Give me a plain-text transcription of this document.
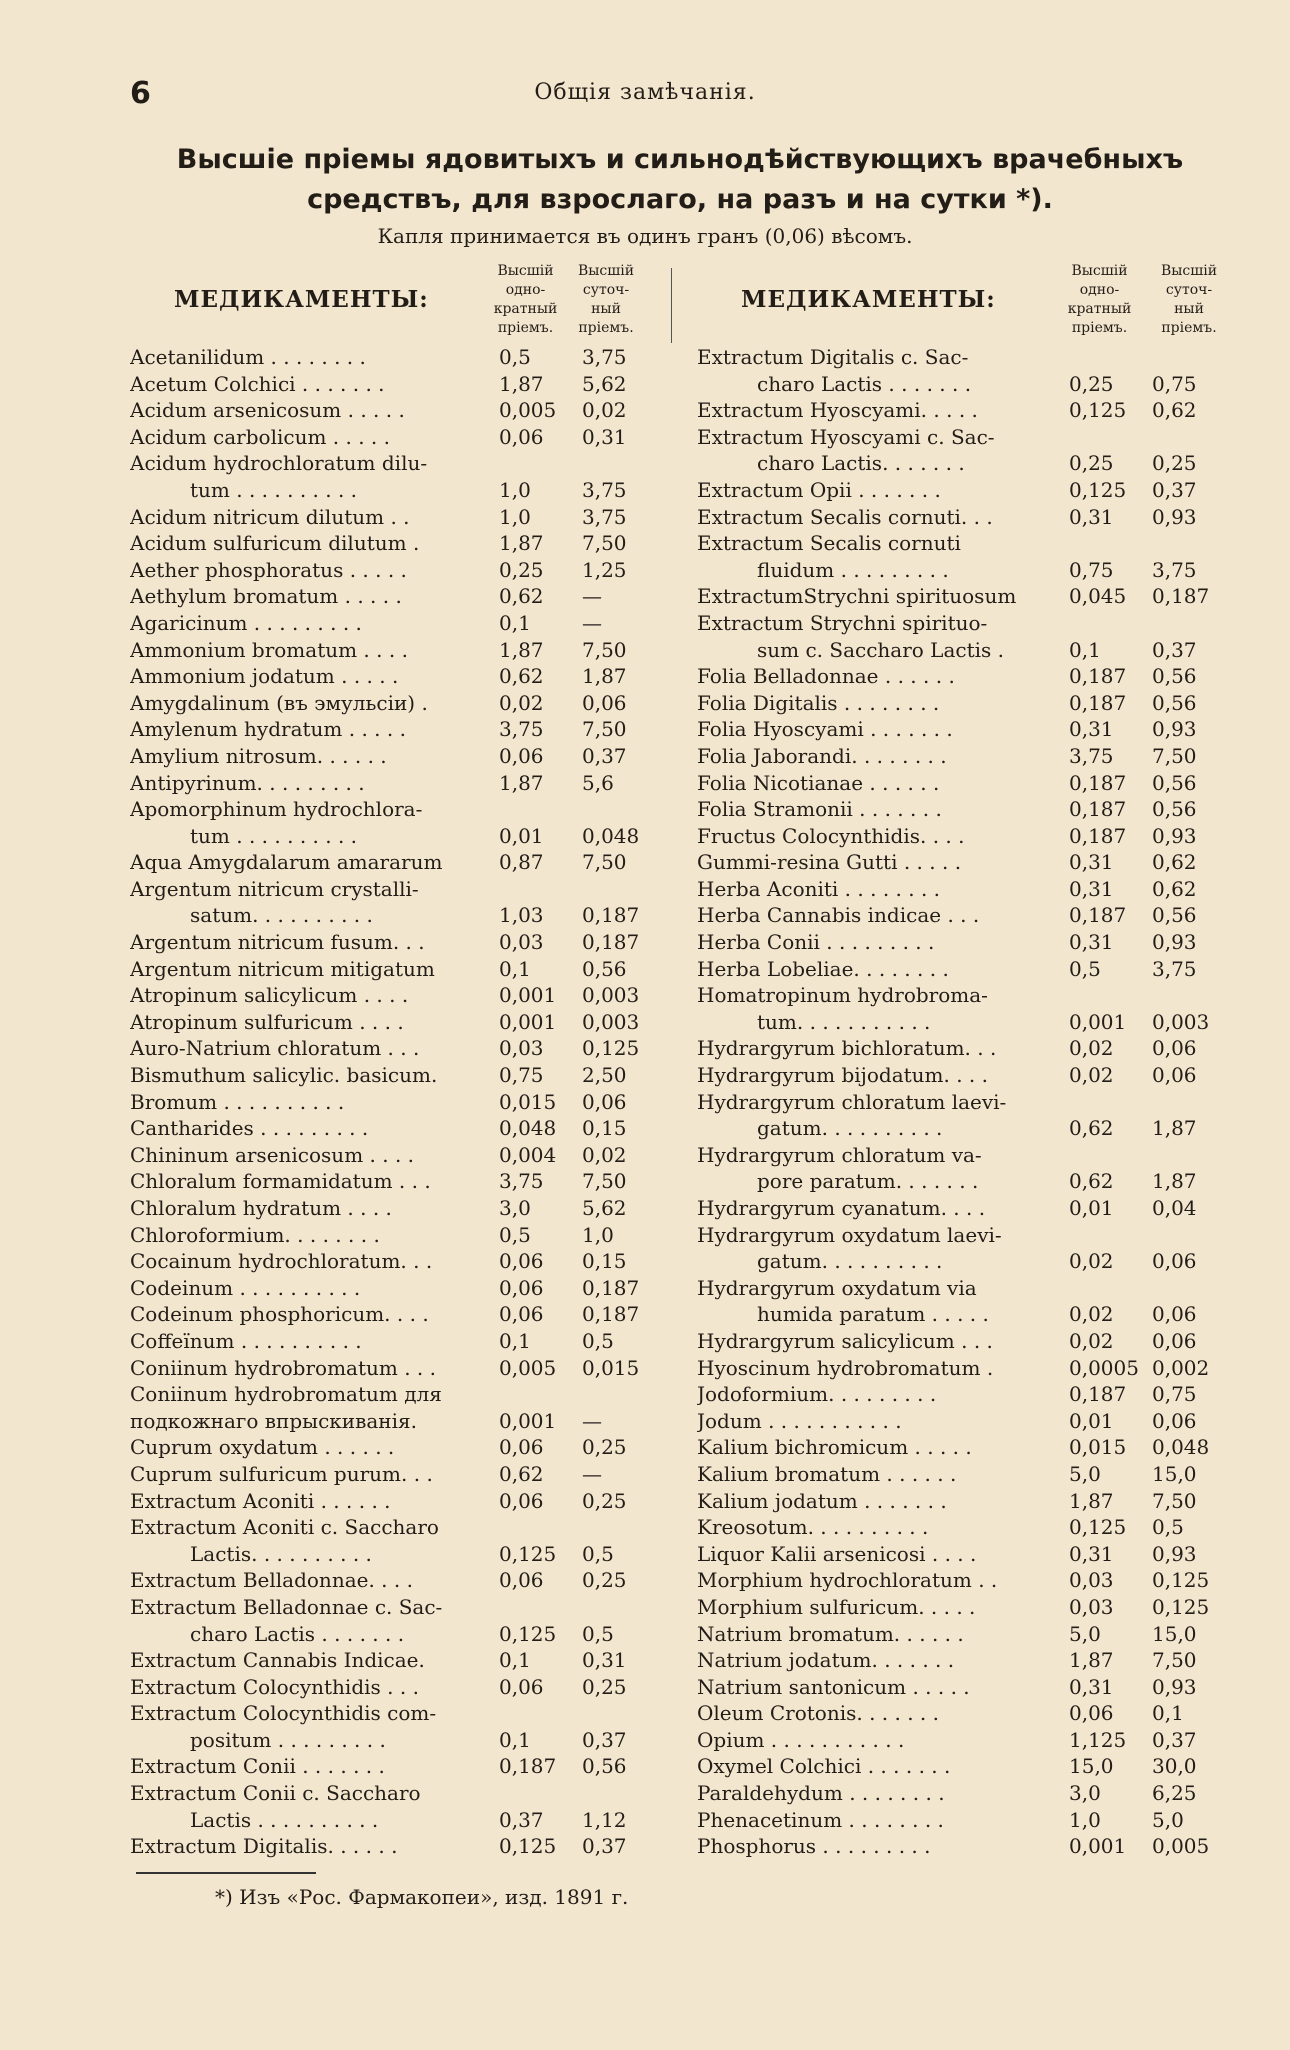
6	Общія замѣчанія.
Высшіе пріемы ядовитыхъ и сильнодѣйствующихъ врачебныхъ средствъ, для взрослаго, на разъ и на сутки *).
Капля принимается въ одинъ гранъ (0,06) вѣсомъ.
МЕДИКАМЕНТЫ:
Высшій
одно-
кратный
пріемъ.
Высшій
суточ-
ный
пріемъ.
Acetanilidum . . . . . . . .	0,5	3,75
Acetum Colchici . . . . . . .	1,87 5,62
Acidum arsenicosum . . . . .	0,005 0,02
Acidum carbolicum . . . . .	0,06 0,31
Acidum hydrochloratum dilu-
tum . . . . . . . . . .	1,0	3,75
Acidum nitricum dilutum . .	1,0	3,75
Acidum sulfuricum dilutum .	1,87 7,50
Aether phosphoratus . . . . .	0,25 1,25
Aethylum bromatum . . . . .	0,62 —
Agaricinum . . . . . . . . .	0,1	—
Ammonium bromatum . . . .	1,87 7,50
Ammonium jodatum . . . . .	0,62 1,87
Amygdalinum (въ эмульсіи) .	0,02 0,06
Amylenum hydratum . . . . .	3,75 7,50
Amylium nitrosum. . . . . .	0,06 0,37
Antipyrinum. . . . . . . . .	1,87 5,6
Apomorphinum hydrochlora-
tum . . . . . . . . . .	0,01 0,048
Aqua Amygdalarum amararum	0,87 7,50
Argentum nitricum crystalli-
satum. . . . . . . . . .	1,03 0,187
Argentum nitricum fusum. . .	0,03 0,187
Argentum nitricum mitigatum	0,1	0,56
Atropinum salicylicum . . . .	0,001 0,003
Atropinum sulfuricum . . . .	0,001 0,003
Auro-Natrium chloratum . . .	0,03 0,125
Bismuthum salicylic. basicum.	0,75 2,50
Bromum . . . . . . . . . .	0,015 0,06
Cantharides . . . . . . . . .	0,048 0,15
Chininum arsenicosum . . . .	0,004 0,02
Chloralum formamidatum . . .	3,75 7,50
Chloralum hydratum . . . .	3,0	5,62
Chloroformium. . . . . . . .	0,5	1,0
Cocainum hydrochloratum. . .	0,06 0,15
Codeinum . . . . . . . . . .	0,06 0,187
Codeinum phosphoricum. . . .	0,06 0,187
Coffeïnum . . . . . . . . . .	0,1	0,5
Coniinum hydrobromatum . . .	0,005 0,015
Coniinum hydrobromatum для
подкожнаго впрыскиванія.	0,001 —
Cuprum oxydatum . . . . . .	0,06 0,25
Cuprum sulfuricum purum. . .	0,62 —
Extractum Aconiti . . . . . .	0,06 0,25
Extractum Aconiti c. Saccharo
Lactis. . . . . . . . . .	0,125 0,5
Extractum Belladonnae. . . .	0,06 0,25
Extractum Belladonnae c. Sac-
charo Lactis . . . . . . .	0,125 0,5
Extractum Cannabis Indicae.	0,1	0,31
Extractum Colocynthidis . . .	0,06 0,25
Extractum Colocynthidis com-
positum . . . . . . . . .	0,1	0,37
Extractum Conii . . . . . . .	0,187 0,56
Extractum Conii c. Saccharo
Lactis . . . . . . . . . .	0,37 1,12
Extractum Digitalis. . . . . .	0,125 0,37
МЕДИКАМЕНТЫ:
Высшій
одно-
кратный
пріемъ.
Высшій
суточ-
ный
пріемъ.
Extractum Digitalis c. Sac-
charo Lactis . . . . . . .	0,25 0,75
Extractum Hyoscyami. . . . .	0,125 0,62
Extractum Hyoscyami c. Sac-
charo Lactis. . . . . . .	0,25 0,25
Extractum Opii . . . . . . .	0,125 0,37
Extractum Secalis cornuti. . .	0,31 0,93
Extractum Secalis cornuti
fluidum . . . . . . . . .	0,75 3,75
ExtractumStrychni spirituosum	0,045 0,187
Extractum Strychni spirituo-
sum c. Saccharo Lactis .	0,1	0,37
Folia Belladonnae . . . . . .	0,187 0,56
Folia Digitalis . . . . . . . .	0,187 0,56
Folia Hyoscyami . . . . . . .	0,31 0,93
Folia Jaborandi. . . . . . . .	3,75 7,50
Folia Nicotianae . . . . . .	0,187 0,56
Folia Stramonii . . . . . . .	0,187 0,56
Fructus Colocynthidis. . . .	0,187 0,93
Gummi-resina Gutti . . . . .	0,31 0,62
Herba Aconiti . . . . . . . .	0,31 0,62
Herba Cannabis indicae . . .	0,187 0,56
Herba Conii . . . . . . . . .	0,31 0,93
Herba Lobeliae. . . . . . . .	0,5	3,75
Homatropinum hydrobroma-
tum. . . . . . . . . . .	0,001 0,003
Hydrargyrum bichloratum. . .	0,02 0,06
Hydrargyrum bijodatum. . . .	0,02 0,06
Hydrargyrum chloratum laevi-
gatum. . . . . . . . . .	0,62 1,87
Hydrargyrum chloratum va-
pore paratum. . . . . . .	0,62 1,87
Hydrargyrum cyanatum. . . .	0,01 0,04
Hydrargyrum oxydatum laevi-
gatum. . . . . . . . . .	0,02 0,06
Hydrargyrum oxydatum via
humida paratum . . . . .	0,02 0,06
Hydrargyrum salicylicum . . .	0,02 0,06
Hyoscinum hydrobromatum .	0,0005 0,002
Jodoformium. . . . . . . . .	0,187 0,75
Jodum . . . . . . . . . . .	0,01 0,06
Kalium bichromicum . . . . .	0,015 0,048
Kalium bromatum . . . . . .	5,0	15,0
Kalium jodatum . . . . . . .	1,87 7,50
Kreosotum. . . . . . . . . .	0,125 0,5
Liquor Kalii arsenicosi . . . .	0,31 0,93
Morphium hydrochloratum . .	0,03 0,125
Morphium sulfuricum. . . . .	0,03 0,125
Natrium bromatum. . . . . .	5,0	15,0
Natrium jodatum. . . . . . .	1,87 7,50
Natrium santonicum . . . . .	0,31 0,93
Oleum Crotonis. . . . . . .	0,06 0,1
Opium . . . . . . . . . . .	1,125 0,37
Oxymel Colchici . . . . . . .	15,0 30,0
Paraldehydum . . . . . . . .	3,0	6,25
Phenacetinum . . . . . . . .	1,0	5,0
Phosphorus . . . . . . . . .	0,001 0,005
*) Изъ «Рос. Фармакопеи», изд. 1891 г.
